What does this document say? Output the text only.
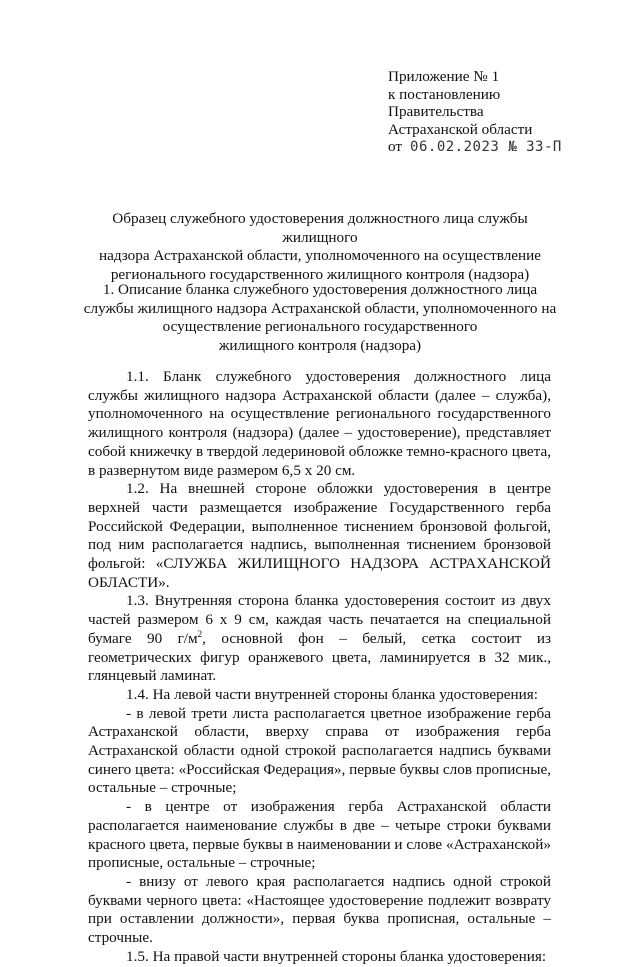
Приложение № 1
к постановлению
Правительства
Астраханской области
от 06.02.2023 № 33-П
Образец служебного удостоверения должностного лица службы жилищного
надзора Астраханской области, уполномоченного на осуществление
регионального государственного жилищного контроля (надзора)
1. Описание бланка служебного удостоверения должностного лица
службы жилищного надзора Астраханской области, уполномоченного на
осуществление регионального государственного
жилищного контроля (надзора)

1.1. Бланк служебного удостоверения должностного лица службы жилищного надзора Астраханской области (далее – служба), уполномоченного на осуществление регионального государственного жилищного контроля (надзора) (далее – удостоверение), представляет собой книжечку в твердой ледериновой обложке темно-красного цвета, в развернутом виде размером 6,5 х 20 см.

1.2. На внешней стороне обложки удостоверения в центре верхней части размещается изображение Государственного герба Российской Федерации, выполненное тиснением бронзовой фольгой, под ним располагается надпись, выполненная тиснением бронзовой фольгой: «СЛУЖБА ЖИЛИЩНОГО НАДЗОРА АСТРАХАНСКОЙ ОБЛАСТИ».

1.3. Внутренняя сторона бланка удостоверения состоит из двух частей размером 6 х 9 см, каждая часть печатается на специальной бумаге 90 $г/м^2$, основной фон – белый, сетка состоит из геометрических фигур оранжевого цвета, ламинируется в 32 мик., глянцевый ламинат.

1.4. На левой части внутренней стороны бланка удостоверения:

- в левой трети листа располагается цветное изображение герба Астраханской области, вверху справа от изображения герба Астраханской области одной строкой располагается надпись буквами синего цвета: «Российская Федерация», первые буквы слов прописные, остальные – строчные;

- в центре от изображения герба Астраханской области располагается наименование службы в две – четыре строки буквами красного цвета, первые буквы в наименовании и слове «Астраханской» прописные, остальные – строчные;

- внизу от левого края располагается надпись одной строкой буквами черного цвета: «Настоящее удостоверение подлежит возврату при оставлении должности», первая буква прописная, остальные – строчные.

1.5. На правой части внутренней стороны бланка удостоверения:
